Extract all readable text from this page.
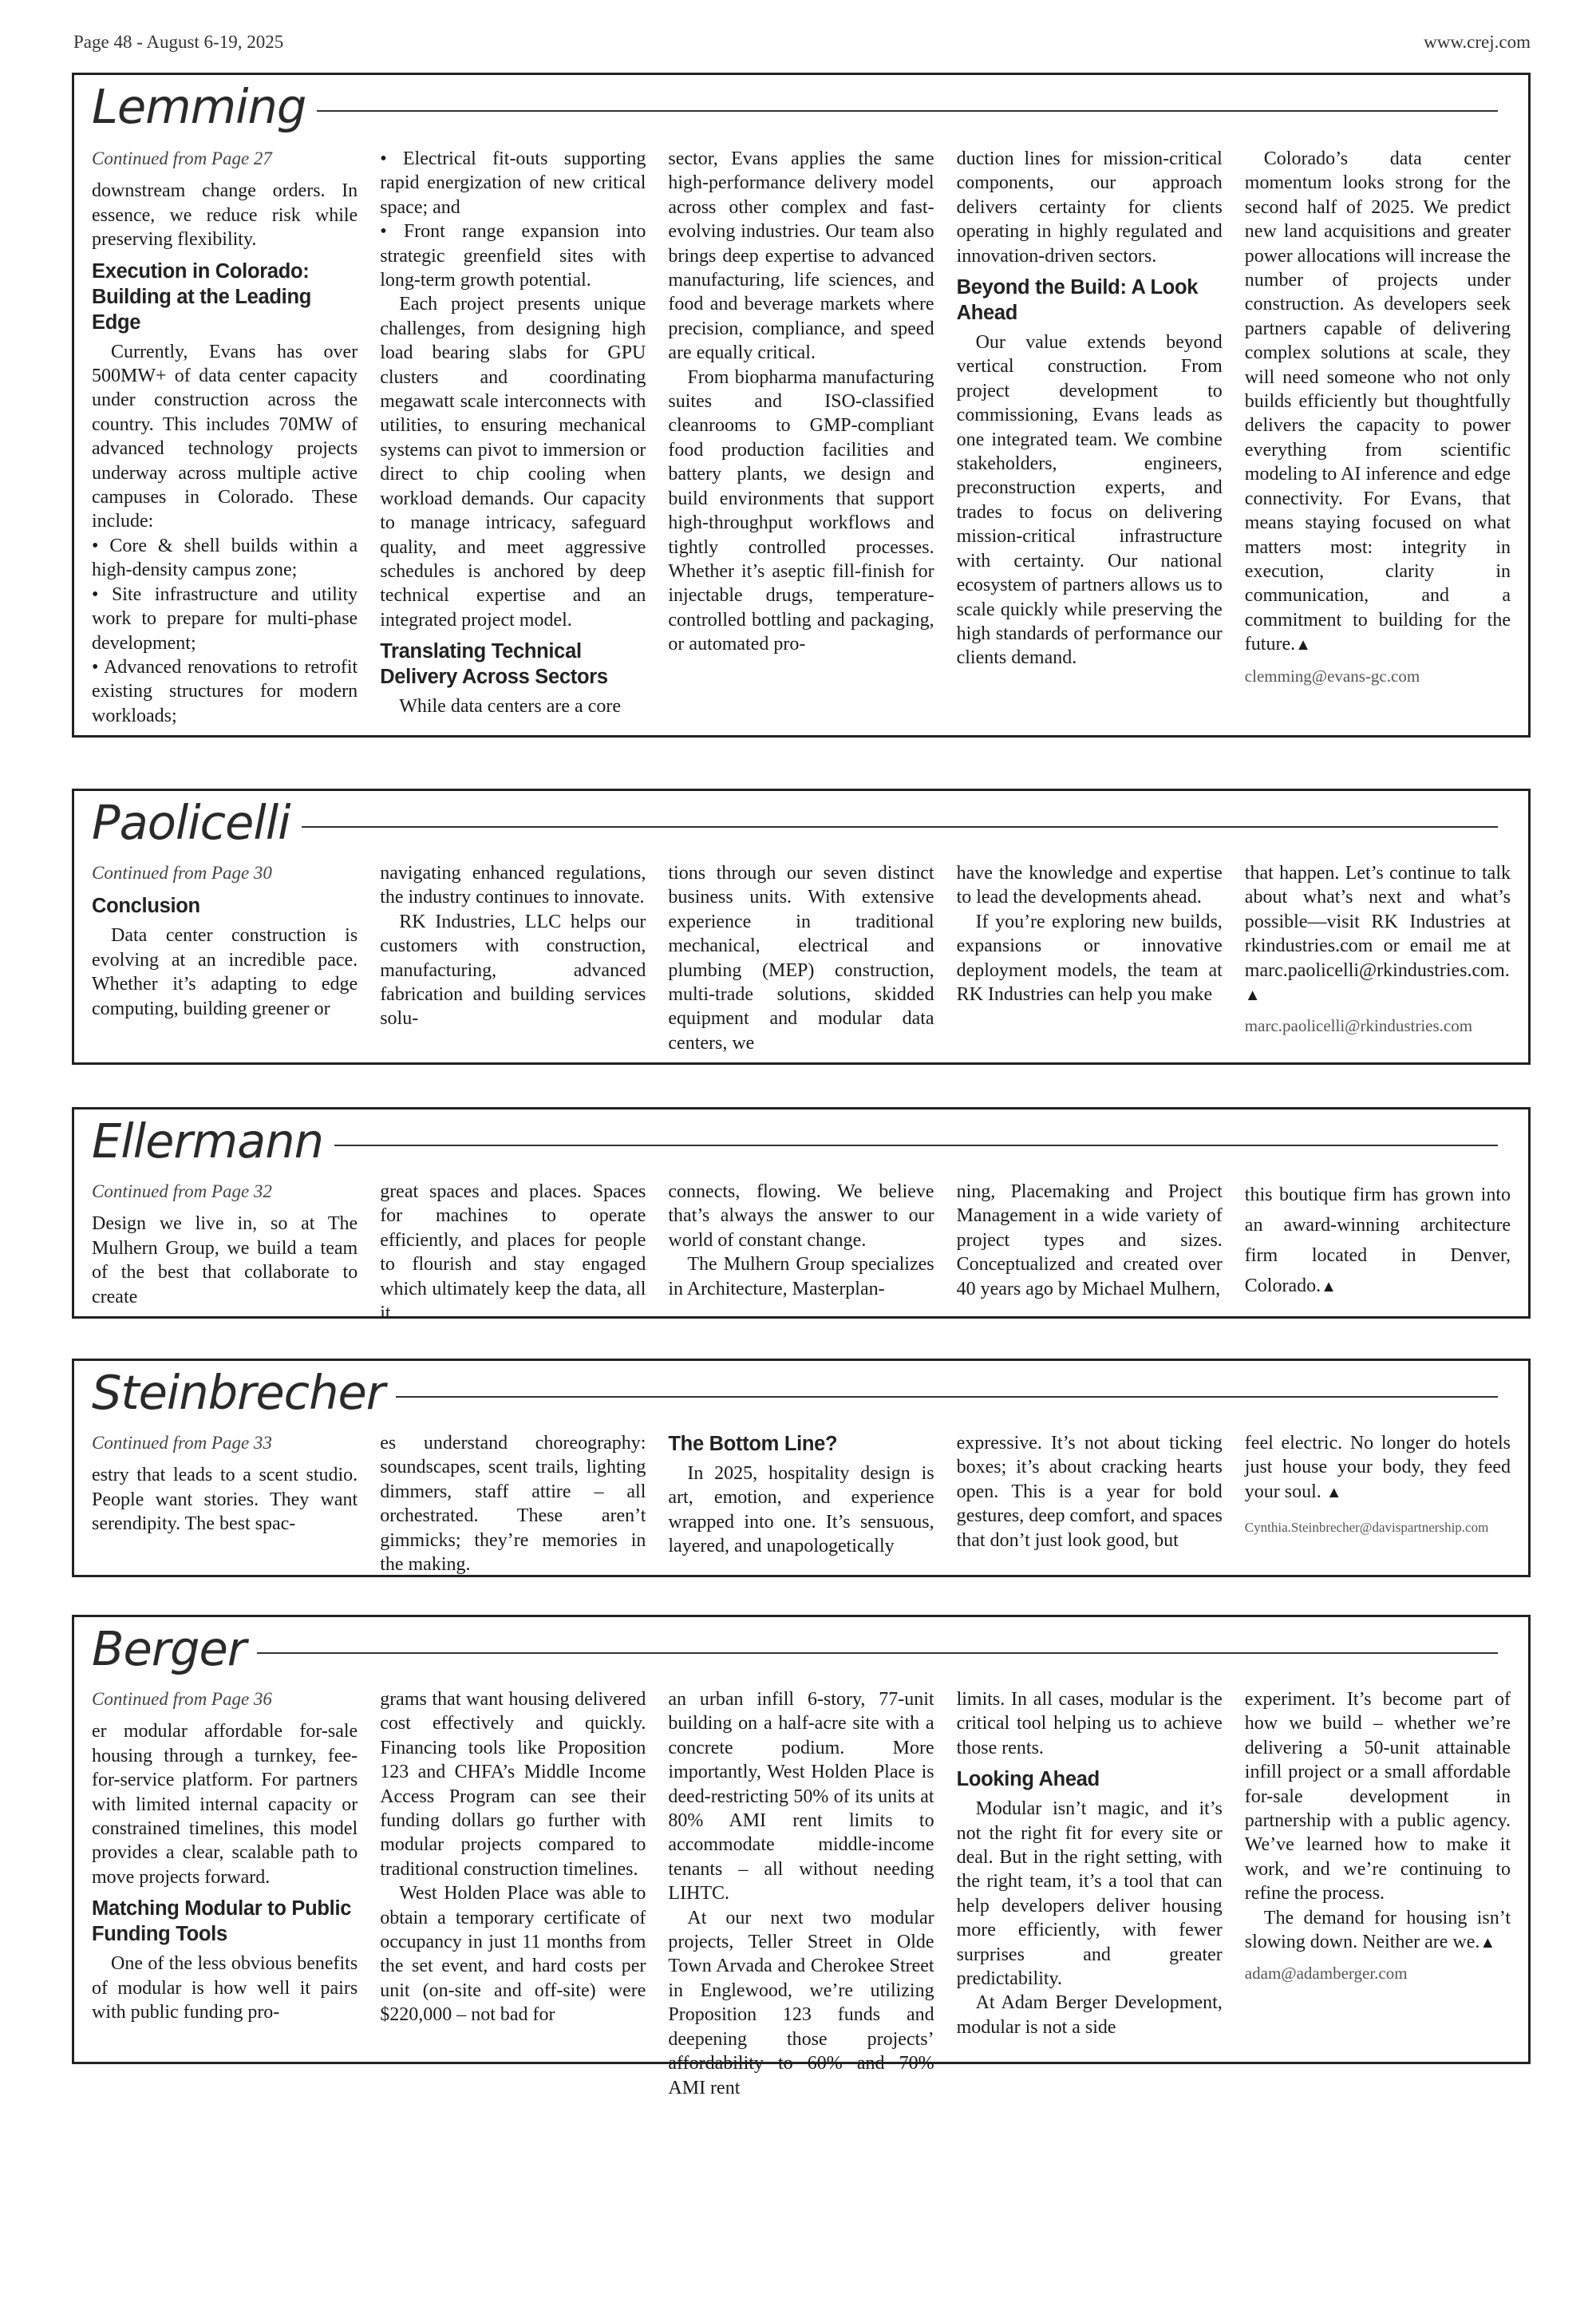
Page 48 - August 6-19, 2025	www.crej.com
Lemming

Continued from Page 27

downstream change orders. In essence, we reduce risk while preserving flexibility.

Execution in Colorado: Building at the Leading Edge

Currently, Evans has over 500MW+ of data center capacity under construction across the country. This includes 70MW of advanced technology projects underway across multiple active campuses in Colorado. These include:

• Core & shell builds within a high-density campus zone;

• Site infrastructure and utility work to prepare for multi-phase development;

• Advanced renovations to retrofit existing structures for modern workloads;

• Electrical fit-outs supporting rapid energization of new critical space; and

• Front range expansion into strategic greenfield sites with long-term growth potential.

Each project presents unique challenges, from designing high load bearing slabs for GPU clusters and coordinating megawatt scale interconnects with utilities, to ensuring mechanical systems can pivot to immersion or direct to chip cooling when workload demands. Our capacity to manage intricacy, safeguard quality, and meet aggressive schedules is anchored by deep technical expertise and an integrated project model.

Translating Technical Delivery Across Sectors

While data centers are a core

sector, Evans applies the same high-performance delivery model across other complex and fast-evolving industries. Our team also brings deep expertise to advanced manufacturing, life sciences, and food and beverage markets where precision, compliance, and speed are equally critical.

From biopharma manufacturing suites and ISO-classified cleanrooms to GMP-compliant food production facilities and battery plants, we design and build environments that support high-throughput workflows and tightly controlled processes. Whether it’s aseptic fill-finish for injectable drugs, temperature-controlled bottling and packaging, or automated pro-

duction lines for mission-critical components, our approach delivers certainty for clients operating in highly regulated and innovation-driven sectors.

Beyond the Build: A Look Ahead

Our value extends beyond vertical construction. From project development to commissioning, Evans leads as one integrated team. We combine stakeholders, engineers, preconstruction experts, and trades to focus on delivering mission-critical infrastructure with certainty. Our national ecosystem of partners allows us to scale quickly while preserving the high standards of performance our clients demand.

Colorado’s data center momentum looks strong for the second half of 2025. We predict new land acquisitions and greater power allocations will increase the number of projects under construction. As developers seek partners capable of delivering complex solutions at scale, they will need someone who not only builds efficiently but thoughtfully delivers the capacity to power everything from scientific modeling to AI inference and edge connectivity. For Evans, that means staying focused on what matters most: integrity in execution, clarity in communication, and a commitment to building for the future.▲

clemming@evans-gc.com

Paolicelli

Continued from Page 30

Conclusion

Data center construction is evolving at an incredible pace. Whether it’s adapting to edge computing, building greener or

navigating enhanced regulations, the industry continues to innovate.

RK Industries, LLC helps our customers with construction, manufacturing, advanced fabrication and building services solu-

tions through our seven distinct business units. With extensive experience in traditional mechanical, electrical and plumbing (MEP) construction, multi-trade solutions, skidded equipment and modular data centers, we

have the knowledge and expertise to lead the developments ahead.

If you’re exploring new builds, expansions or innovative deployment models, the team at RK Industries can help you make

that happen. Let’s continue to talk about what’s next and what’s possible—visit RK Industries at rkindustries.com or email me at marc.paolicelli@rkindustries.com. ▲

marc.paolicelli@rkindustries.com

Ellermann

Continued from Page 32

Design we live in, so at The Mulhern Group, we build a team of the best that collaborate to create

great spaces and places. Spaces for machines to operate efficiently, and places for people to flourish and stay engaged which ultimately keep the data, all it

connects, flowing. We believe that’s always the answer to our world of constant change.

The Mulhern Group specializes in Architecture, Masterplan-

ning, Placemaking and Project Management in a wide variety of project types and sizes. Conceptualized and created over 40 years ago by Michael Mulhern,

this boutique firm has grown into an award-winning architecture firm located in Denver, Colorado.▲

Steinbrecher

Continued from Page 33

estry that leads to a scent studio. People want stories. They want serendipity. The best spac-

es understand choreography: soundscapes, scent trails, lighting dimmers, staff attire – all orchestrated. These aren’t gimmicks; they’re memories in the making.

The Bottom Line?

In 2025, hospitality design is art, emotion, and experience wrapped into one. It’s sensuous, layered, and unapologetically

expressive. It’s not about ticking boxes; it’s about cracking hearts open. This is a year for bold gestures, deep comfort, and spaces that don’t just look good, but

feel electric. No longer do hotels just house your body, they feed your soul. ▲

Cynthia.Steinbrecher@davispartnership.com

Berger

Continued from Page 36

er modular affordable for-sale housing through a turnkey, fee-for-service platform. For partners with limited internal capacity or constrained timelines, this model provides a clear, scalable path to move projects forward.

Matching Modular to Public Funding Tools

One of the less obvious benefits of modular is how well it pairs with public funding pro-

grams that want housing delivered cost effectively and quickly. Financing tools like Proposition 123 and CHFA’s Middle Income Access Program can see their funding dollars go further with modular projects compared to traditional construction timelines.

West Holden Place was able to obtain a temporary certificate of occupancy in just 11 months from the set event, and hard costs per unit (on-site and off-site) were $220,000 – not bad for

an urban infill 6-story, 77-unit building on a half-acre site with a concrete podium. More importantly, West Holden Place is deed-restricting 50% of its units at 80% AMI rent limits to accommodate middle-income tenants – all without needing LIHTC.

At our next two modular projects, Teller Street in Olde Town Arvada and Cherokee Street in Englewood, we’re utilizing Proposition 123 funds and deepening those projects’ affordability to 60% and 70% AMI rent

limits. In all cases, modular is the critical tool helping us to achieve those rents.

Looking Ahead

Modular isn’t magic, and it’s not the right fit for every site or deal. But in the right setting, with the right team, it’s a tool that can help developers deliver housing more efficiently, with fewer surprises and greater predictability.

At Adam Berger Development, modular is not a side

experiment. It’s become part of how we build – whether we’re delivering a 50-unit attainable infill project or a small affordable for-sale development in partnership with a public agency. We’ve learned how to make it work, and we’re continuing to refine the process.

The demand for housing isn’t slowing down. Neither are we.▲

adam@adamberger.com
